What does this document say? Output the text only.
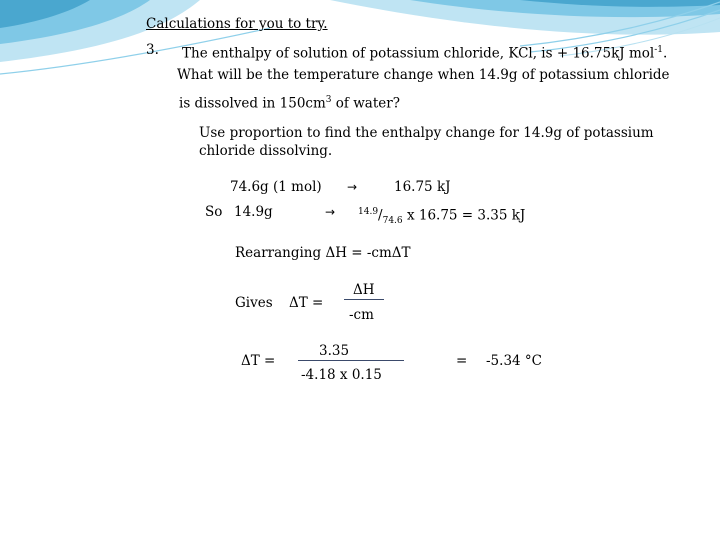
Calculations for you to try.
3. The enthalpy of solution of potassium chloride, KCl, is + 16.75kJ mol$^{-1}$.
What will be the temperature change when 14.9g of potassium chloride
is dissolved in $150cm^3$ of water?
Use proportion to find the enthalpy change for 14.9g of potassium
chloride dissolving.
74.6g (1 mol) →	16.75 kJ
So 14.9g	→	$^{14.9}/_{74.6}$ x 16.75 = 3.35 kJ
Rearranging ΔH = -cmΔT
Gives ΔT =
ΔH
-cm
ΔT =
3.35
-4.18 x 0.15
= -5.34 °C
